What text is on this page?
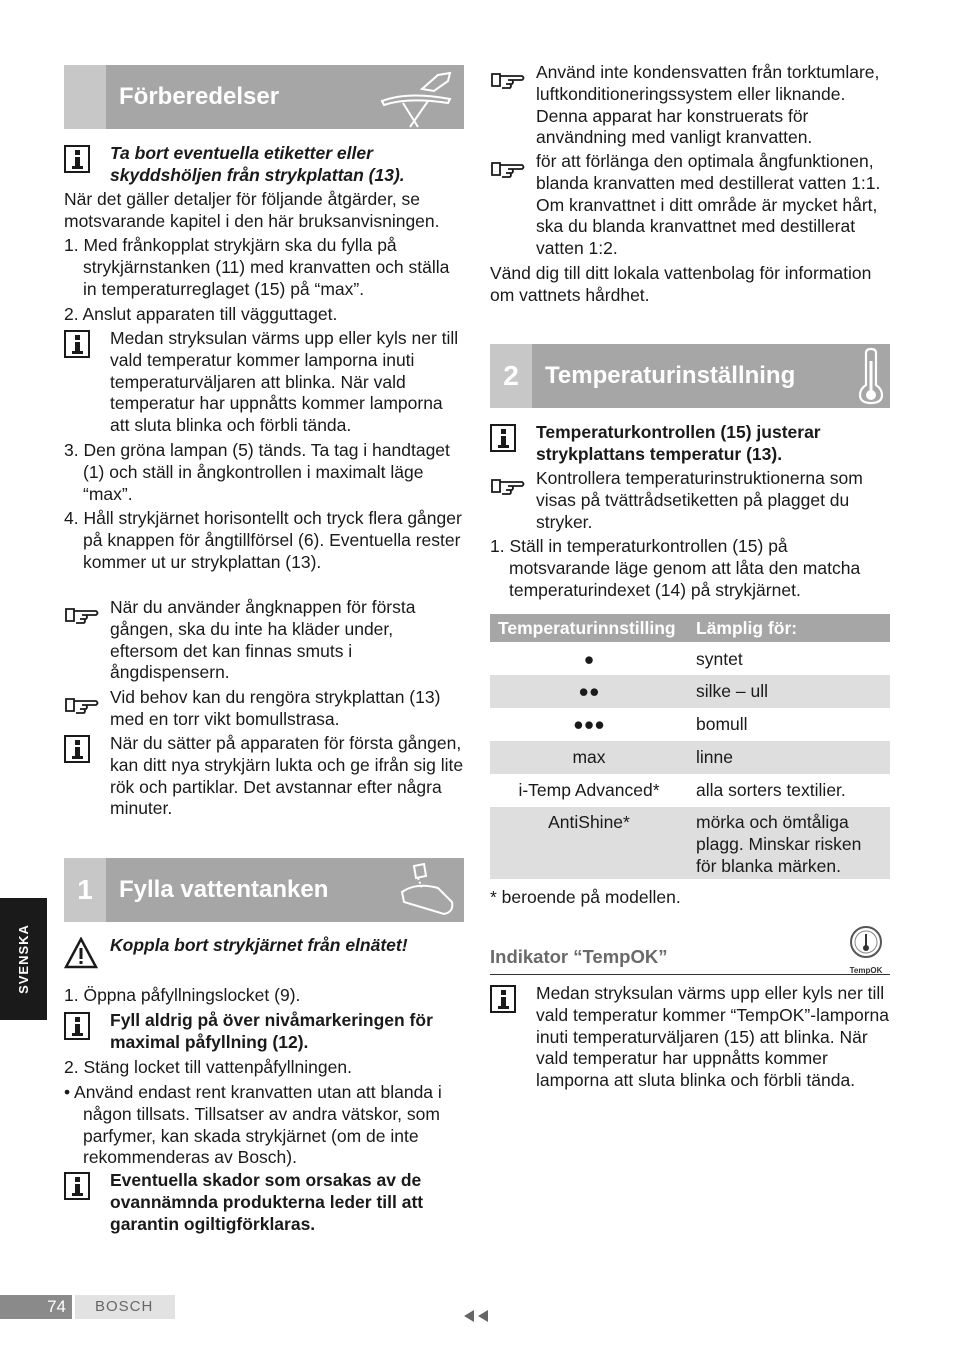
Förberedelser
Ta bort eventuella etiketter eller skyddshöljen från strykplattan (13).
När det gäller detaljer för följande åtgärder, se motsvarande kapitel i den här bruksanvisningen.
1. Med frånkopplat strykjärn ska du fylla på strykjärnstanken (11) med kranvatten och ställa in temperaturreglaget (15) på “max”.
2. Anslut apparaten till vägguttaget.
Medan stryksulan värms upp eller kyls ner till vald temperatur kommer lamporna inuti temperaturväljaren att blinka. När vald temperatur har uppnåtts kommer lamporna att sluta blinka och förbli tända.
3. Den gröna lampan (5) tänds. Ta tag i handtaget (1) och ställ in ångkontrollen i maximalt läge “max”.
4. Håll strykjärnet horisontellt och tryck flera gånger på knappen för ångtillförsel (6). Eventuella rester kommer ut ur strykplattan (13).
När du använder ångknappen för första gången, ska du inte ha kläder under, eftersom det kan finnas smuts i ångdispensern.
Vid behov kan du rengöra strykplattan (13) med en torr vikt bomullstrasa.
När du sätter på apparaten för första gången, kan ditt nya strykjärn lukta och ge ifrån sig lite rök och partiklar. Det avstannar efter några minuter.
1	Fylla vattentanken
Koppla bort strykjärnet från elnätet!
1. Öppna påfyllningslocket (9).
Fyll aldrig på över nivåmarkeringen för maximal påfyllning (12).
2. Stäng locket till vattenpåfyllningen.
• Använd endast rent kranvatten utan att blanda i någon tillsats. Tillsatser av andra vätskor, som parfymer, kan skada strykjärnet (om de inte rekommenderas av Bosch).
Eventuella skador som orsakas av de ovannämnda produkterna leder till att garantin ogiltigförklaras.
Använd inte kondensvatten från torktumlare, luftkonditioneringssystem eller liknande. Denna apparat har konstruerats för användning med vanligt kranvatten.
för att förlänga den optimala ångfunktionen, blanda kranvatten med destillerat vatten 1:1. Om kranvattnet i ditt område är mycket hårt, ska du blanda kranvattnet med destillerat vatten 1:2.
Vänd dig till ditt lokala vattenbolag för information om vattnets hårdhet.
2	Temperaturinställning
Temperaturkontrollen (15) justerar strykplattans temperatur (13).
Kontrollera temperaturinstruktionerna som visas på tvättrådsetiketten på plagget du stryker.
1. Ställ in temperaturkontrollen (15) på motsvarande läge genom att låta den matcha temperaturindexet (14) på strykjärnet.
Temperaturinnstilling	Lämplig för:
●	syntet
●●	silke – ull
●●●	bomull
max	linne
i-Temp Advanced*	alla sorters textilier.
AntiShine*	mörka och ömtåliga plagg. Minskar risken för blanka märken.
* beroende på modellen.
Indikator “TempOK”
TempOK
Medan stryksulan värms upp eller kyls ner till vald temperatur kommer “TempOK”-lamporna inuti temperaturväljaren (15) att blinka. När vald temperatur har uppnåtts kommer lamporna att sluta blinka och förbli tända.
SVENSKA
74	BOSCH
